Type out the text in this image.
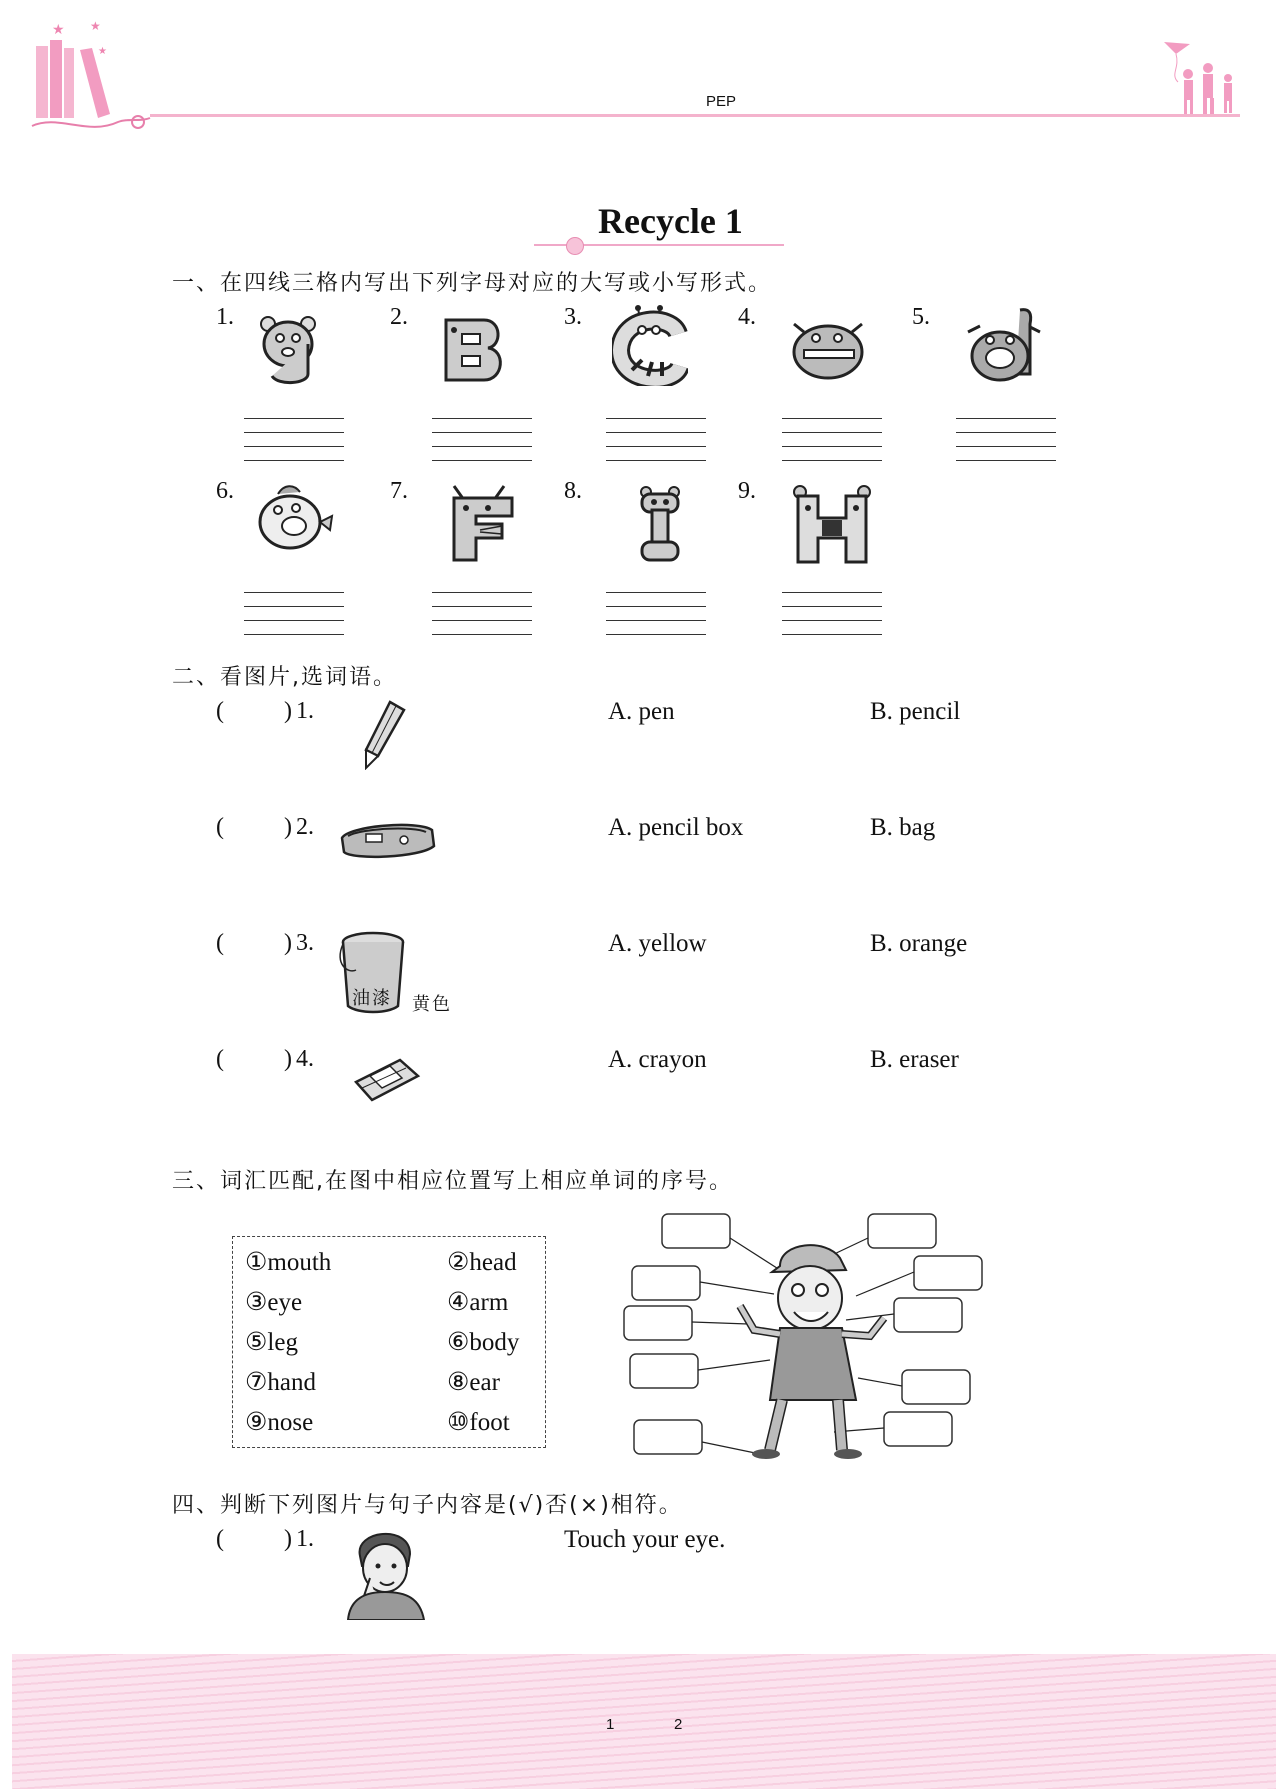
★ ★
★
PEP
Recycle 1
一、在四线三格内写出下列字母对应的大写或小写形式。
1.	2.	3.	4.	5.
6.	7.	8.	9.
二、看图片,选词语。
(          ) 1.	A. pen	B. pencil
(          ) 2.	A. pencil box	B. bag
(          ) 3.
油漆 黄色
A. yellow	B. orange
(          ) 4.	A. crayon	B. eraser
三、词汇匹配,在图中相应位置写上相应单词的序号。
①mouth	②head
③eye	④arm
⑤leg	⑥body
⑦hand	⑧ear
⑨nose	⑩foot
四、判断下列图片与句子内容是(√)否(×)相符。
(          ) 1.	Touch your eye.
1	2
